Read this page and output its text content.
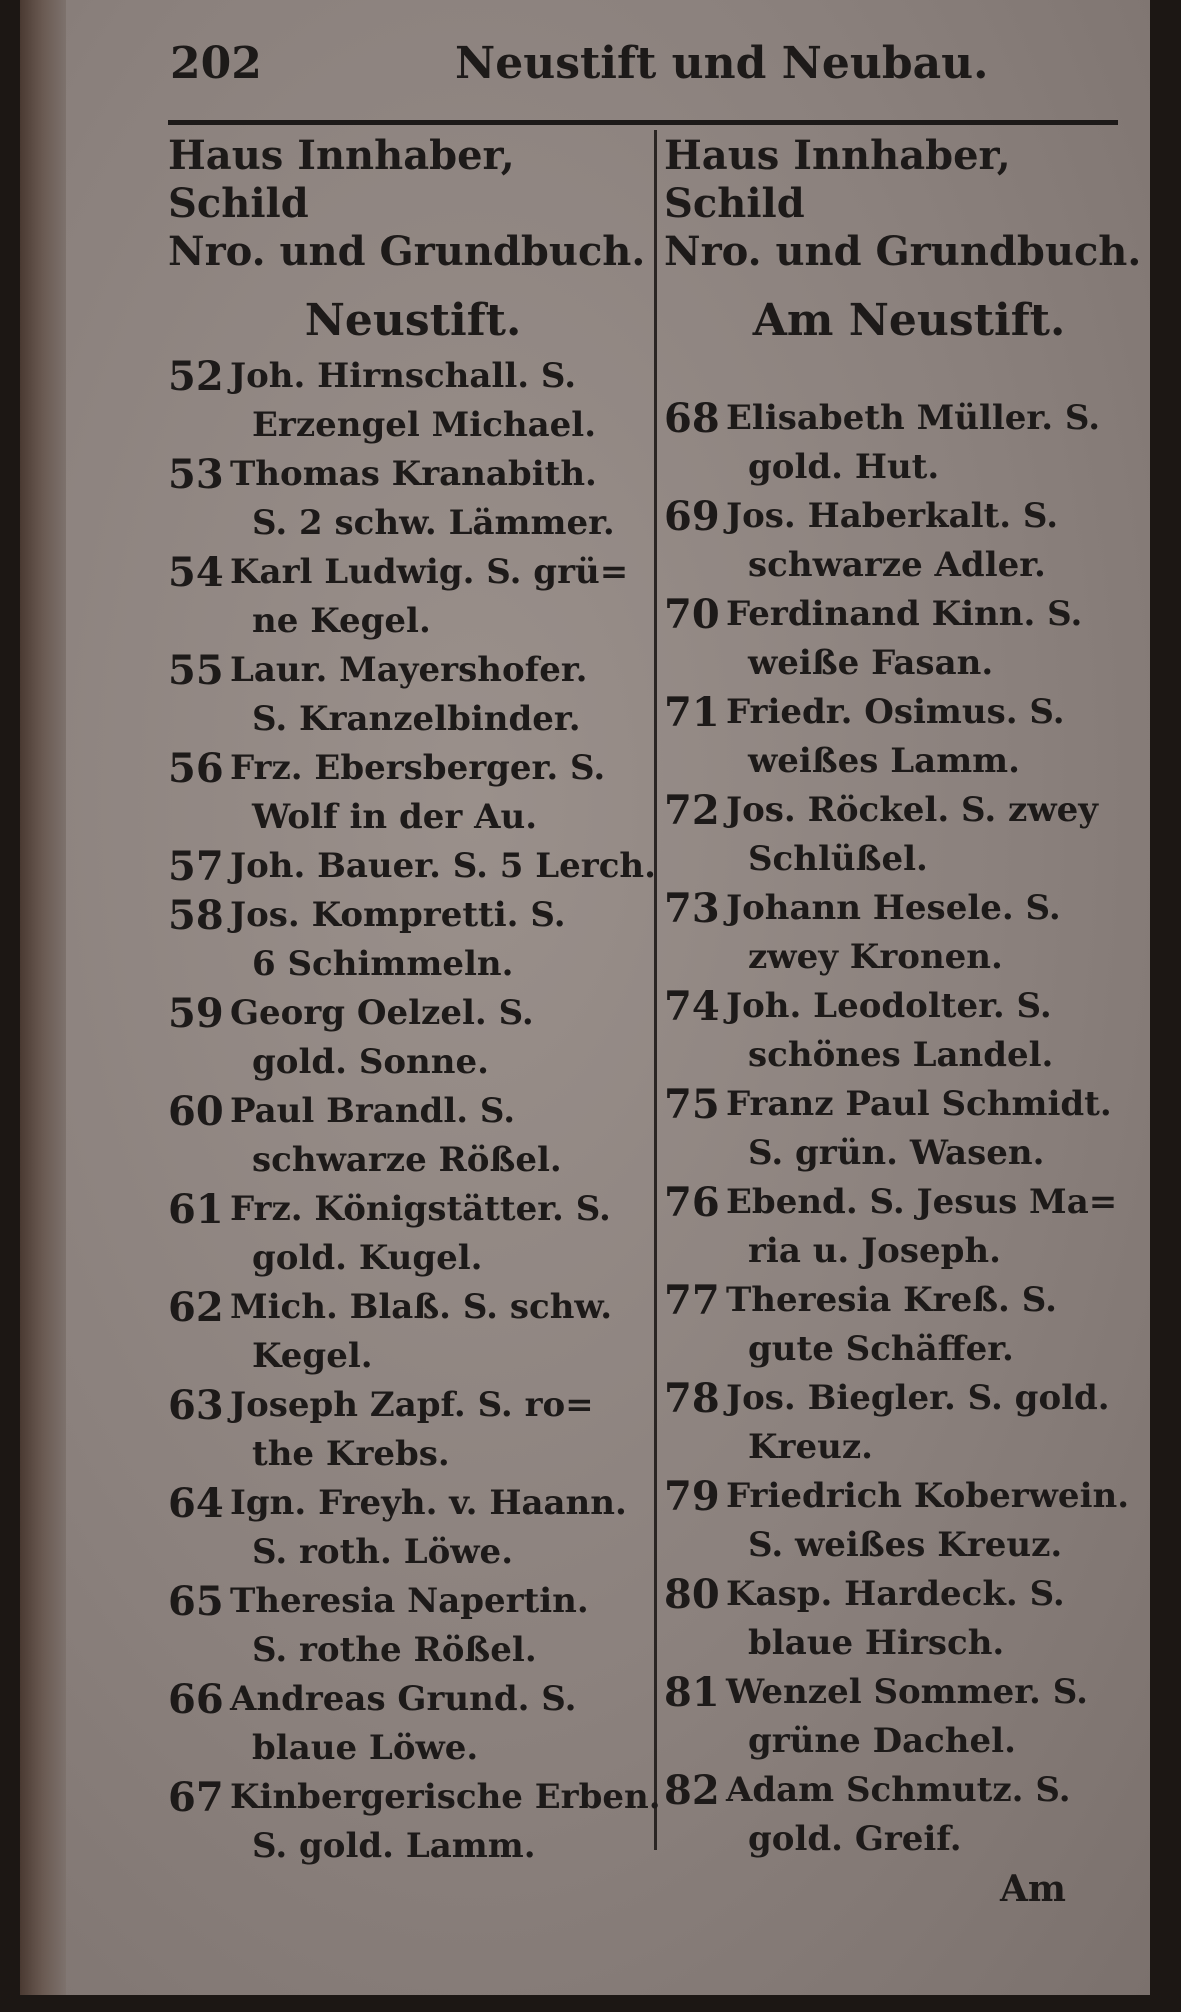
202	Neustift und Neubau.
Haus Innhaber, Schild
Nro. und Grundbuch.
Neustift.
52 Joh. Hirnschall. S.
Erzengel Michael.
53 Thomas Kranabith.
S. 2 schw. Lämmer.
54 Karl Ludwig. S. grü=
ne Kegel.
55 Laur. Mayershofer.
S. Kranzelbinder.
56 Frz. Ebersberger. S.
Wolf in der Au.
57 Joh. Bauer. S. 5 Lerch.
58 Jos. Kompretti. S.
6 Schimmeln.
59 Georg Oelzel. S.
gold. Sonne.
60 Paul Brandl. S.
schwarze Rößel.
61 Frz. Königstätter. S.
gold. Kugel.
62 Mich. Blaß. S. schw.
Kegel.
63 Joseph Zapf. S. ro=
the Krebs.
64 Ign. Freyh. v. Haann.
S. roth. Löwe.
65 Theresia Napertin.
S. rothe Rößel.
66 Andreas Grund. S.
blaue Löwe.
67 Kinbergerische Erben.
S. gold. Lamm.
Haus Innhaber, Schild
Nro. und Grundbuch.
Am Neustift.
68 Elisabeth Müller. S.
gold. Hut.
69 Jos. Haberkalt. S.
schwarze Adler.
70 Ferdinand Kinn. S.
weiße Fasan.
71 Friedr. Osimus. S.
weißes Lamm.
72 Jos. Röckel. S. zwey
Schlüßel.
73 Johann Hesele. S.
zwey Kronen.
74 Joh. Leodolter. S.
schönes Landel.
75 Franz Paul Schmidt.
S. grün. Wasen.
76 Ebend. S. Jesus Ma=
ria u. Joseph.
77 Theresia Kreß. S.
gute Schäffer.
78 Jos. Biegler. S. gold.
Kreuz.
79 Friedrich Koberwein.
S. weißes Kreuz.
80 Kasp. Hardeck. S.
blaue Hirsch.
81 Wenzel Sommer. S.
grüne Dachel.
82 Adam Schmutz. S.
gold. Greif.
Am
